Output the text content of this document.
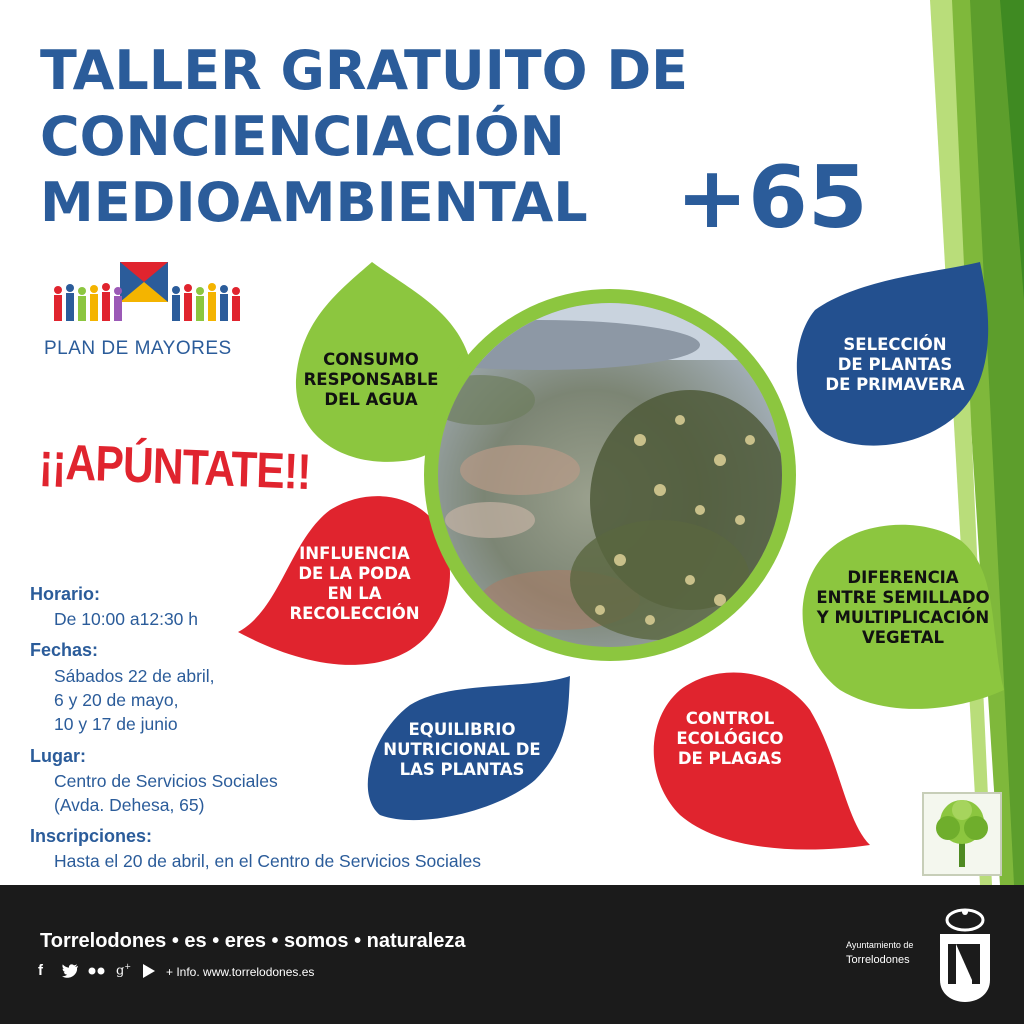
TALLER GRATUITO DE
CONCIENCIACIÓN
MEDIOAMBIENTAL	+65
PLAN DE MAYORES
¡¡APÚNTATE!!
CONSUMO
RESPONSABLE
DEL AGUA
SELECCIÓN
DE PLANTAS
DE PRIMAVERA
INFLUENCIA
DE LA PODA
EN LA
RECOLECCIÓN
DIFERENCIA
ENTRE SEMILLADO
Y MULTIPLICACIÓN
VEGETAL
EQUILIBRIO
NUTRICIONAL DE
LAS PLANTAS
CONTROL
ECOLÓGICO
DE PLAGAS
Horario:
De 10:00 a12:30 h
Fechas:
Sábados 22 de abril,
6 y 20 de mayo,
10 y 17 de junio
Lugar:
Centro de Servicios Sociales
(Avda. Dehesa, 65)
Inscripciones:
Hasta el 20 de abril, en el Centro de Servicios Sociales
Torrelodones • es • eres • somos • naturaleza
f	g+	+ Info. www.torrelodones.es
Ayuntamiento de
Torrelodones
